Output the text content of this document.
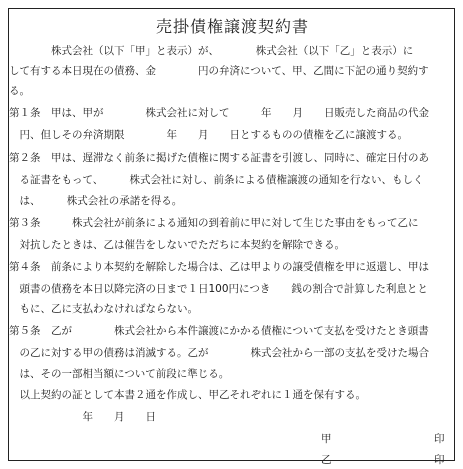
売掛債権譲渡契約書
　　　　株式会社（以下「甲」と表示）が、　　　　株式会社（以下「乙」と表示）に
して有する本日現在の債務、金　　　　円の弁済について、甲、乙間に下記の通り契約す
る。
第１条　甲は、甲が　　　　株式会社に対して　　　年　　月　　日販売した商品の代金
　円、但しその弁済期限　　　　年　　月　　日とするものの債権を乙に譲渡する。
第２条　甲は、遅滞なく前条に掲げた債権に関する証書を引渡し、同時に、確定日付のあ
　る証書をもって、　　　株式会社に対し、前条による債権譲渡の通知を行ない、もしく
　は、　　　株式会社の承諾を得る。
第３条　　　株式会社が前条による通知の到着前に甲に対して生じた事由をもって乙に
　対抗したときは、乙は催告をしないでただちに本契約を解除できる。
第４条　前条により本契約を解除した場合は、乙は甲よりの譲受債権を甲に返還し、甲は
　頭書の債務を本日以降完済の日まで１日100円につき　　銭の割合で計算した利息とと
　もに、乙に支払わなければならない。
第５条　乙が　　　　株式会社から本件譲渡にかかる債権について支払を受けたとき頭書
　の乙に対する甲の債務は消滅する。乙が　　　　株式会社から一部の支払を受けた場合
　は、その一部相当額について前段に準じる。
　以上契約の証として本書２通を作成し、甲乙それぞれに１通を保有する。
　　　　　　　年　　月　　日
甲	印
乙	印
